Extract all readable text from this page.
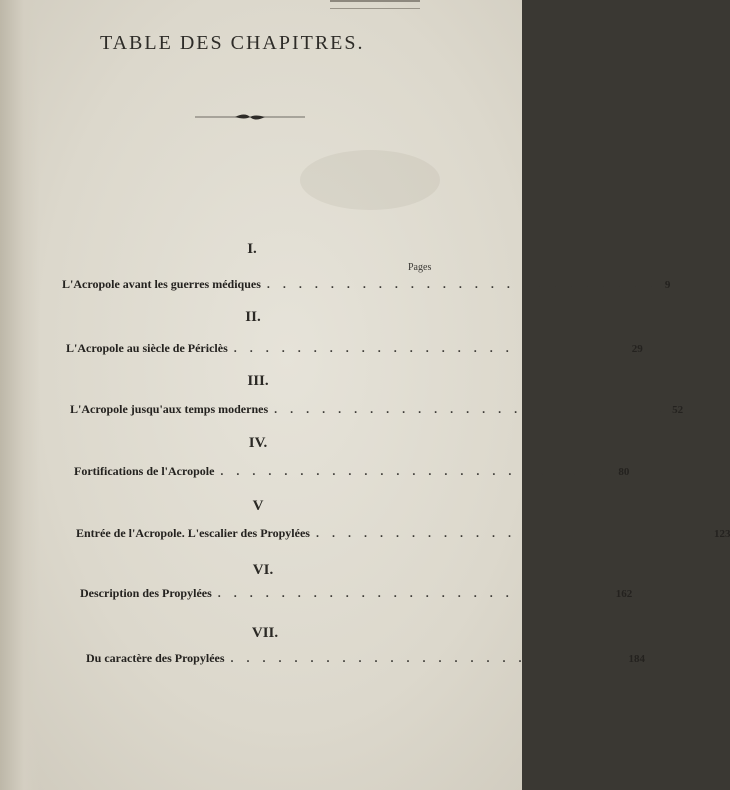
TABLE DES CHAPITRES.
Pages
I.
L'Acropole avant les guerres médiques . . . . . . . . . . . . . . . . . . . . . . . . . 9
II.
L'Acropole au siècle de Périclès . . . . . . . . . . . . . . . . . . . . . . . . . 29
III.
L'Acropole jusqu'aux temps modernes . . . . . . . . . . . . . . . . . . . . . . . . . 52
IV.
Fortifications de l'Acropole . . . . . . . . . . . . . . . . . . . . . . . . . 80
V
Entrée de l'Acropole. L'escalier des Propylées . . . . . . . . . . . . . . . . . . . . . . . . . 123
VI.
Description des Propylées . . . . . . . . . . . . . . . . . . . . . . . . . 162
VII.
Du caractère des Propylées . . . . . . . . . . . . . . . . . . . . . . . . . 184
